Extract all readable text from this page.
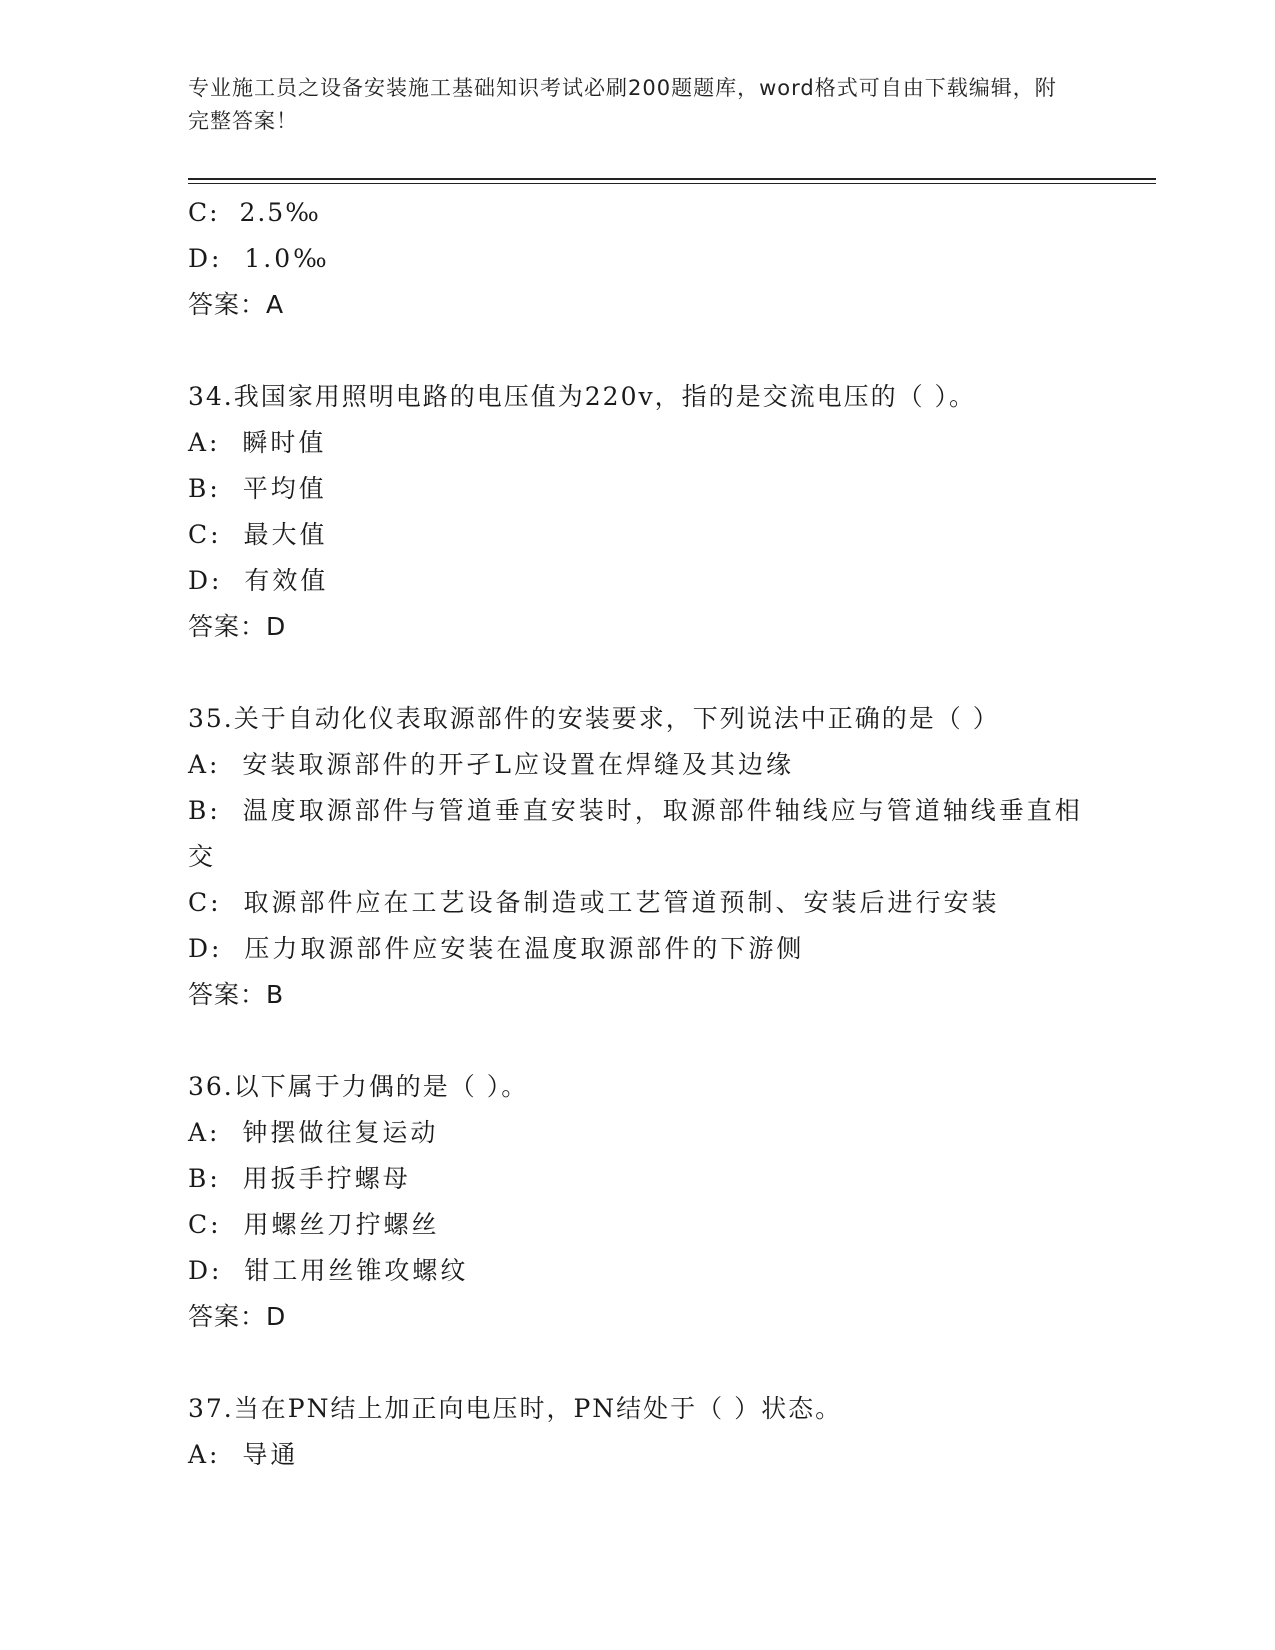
专业施工员之设备安装施工基础知识考试必刷200题题库，word格式可自由下载编辑，附完整答案！
C:  2.5‰
D:  1.0‰
答案：A
34.我国家用照明电路的电压值为220v，指的是交流电压的（ ）。
A:  瞬时值
B:  平均值
C:  最大值
D:  有效值
答案：D
35.关于自动化仪表取源部件的安装要求，下列说法中正确的是（ ）
A:  安装取源部件的开孑L应设置在焊缝及其边缘
B:  温度取源部件与管道垂直安装时，取源部件轴线应与管道轴线垂直相交
C:  取源部件应在工艺设备制造或工艺管道预制、安装后进行安装
D:  压力取源部件应安装在温度取源部件的下游侧
答案：B
36.以下属于力偶的是（ ）。
A:  钟摆做往复运动
B:  用扳手拧螺母
C:  用螺丝刀拧螺丝
D:  钳工用丝锥攻螺纹
答案：D
37.当在PN结上加正向电压时，PN结处于（ ）状态。
A:  导通
